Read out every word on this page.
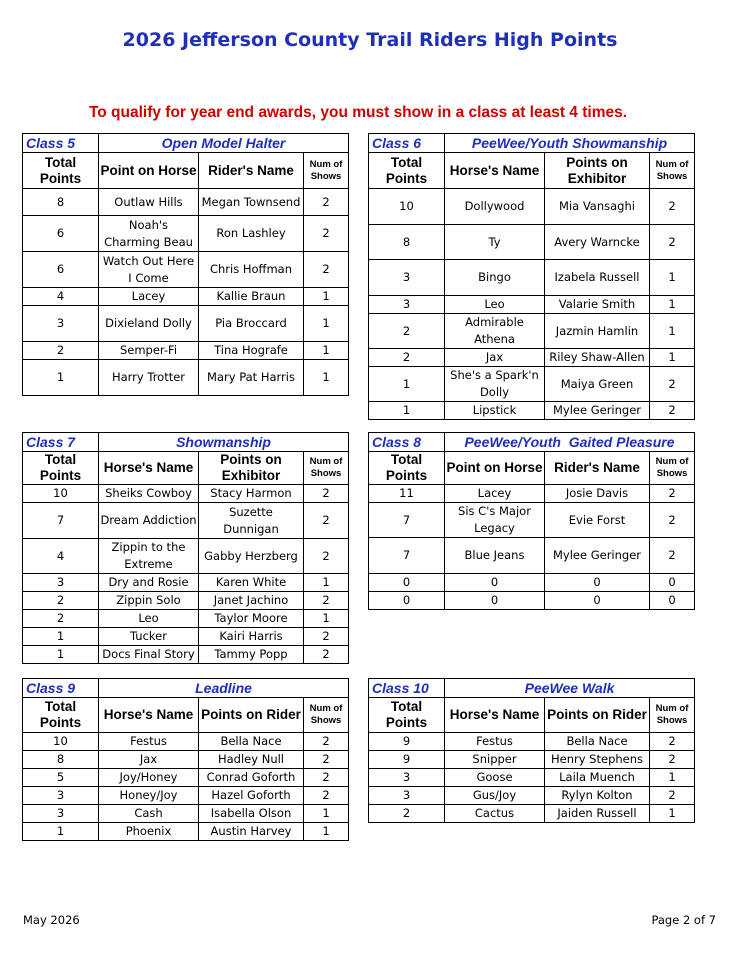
2026 Jefferson County Trail Riders High Points
To qualify for year end awards, you must show in a class at least 4 times.
Class 5	Open Model Halter		
Total Points	Point on Horse	Rider's Name	Num of Shows
8	Outlaw Hills	Megan Townsend	2
6	Noah's Charming Beau	Ron Lashley	2
6	Watch Out Here I Come	Chris Hoffman	2
4	Lacey	Kallie Braun	1
3	Dixieland Dolly	Pia Broccard	1
2	Semper-Fi	Tina Hografe	1
1	Harry Trotter	Mary Pat Harris	1
Class 6	PeeWee/Youth Showmanship		
Total Points	Horse's Name	Points on Exhibitor	Num of Shows
10	Dollywood	Mia Vansaghi	2
8	Ty	Avery Warncke	2
3	Bingo	Izabela Russell	1
3	Leo	Valarie Smith	1
2	Admirable Athena	Jazmin Hamlin	1
2	Jax	Riley Shaw-Allen	1
1	She's a Spark'n Dolly	Maiya Green	2
1	Lipstick	Mylee Geringer	2
Class 7	Showmanship		
Total Points	Horse's Name	Points on Exhibitor	Num of Shows
10	Sheiks Cowboy	Stacy Harmon	2
7	Dream Addiction	Suzette Dunnigan	2
4	Zippin to the Extreme	Gabby Herzberg	2
3	Dry and Rosie	Karen White	1
2	Zippin Solo	Janet Jachino	2
2	Leo	Taylor Moore	1
1	Tucker	Kairi Harris	2
1	Docs Final Story	Tammy Popp	2
Class 8	PeeWee/Youth  Gaited Pleasure		
Total Points	Point on Horse	Rider's Name	Num of Shows
11	Lacey	Josie Davis	2
7	Sis C's Major Legacy	Evie Forst	2
7	Blue Jeans	Mylee Geringer	2
0	0	0	0
0	0	0	0
Class 9	Leadline		
Total Points	Horse's Name	Points on Rider	Num of Shows
10	Festus	Bella Nace	2
8	Jax	Hadley Null	2
5	Joy/Honey	Conrad Goforth	2
3	Honey/Joy	Hazel Goforth	2
3	Cash	Isabella Olson	1
1	Phoenix	Austin Harvey	1
Class 10	PeeWee Walk		
Total Points	Horse's Name	Points on Rider	Num of Shows
9	Festus	Bella Nace	2
9	Snipper	Henry Stephens	2
3	Goose	Laila Muench	1
3	Gus/Joy	Rylyn Kolton	2
2	Cactus	Jaiden Russell	1
May 2026	Page 2 of 7
